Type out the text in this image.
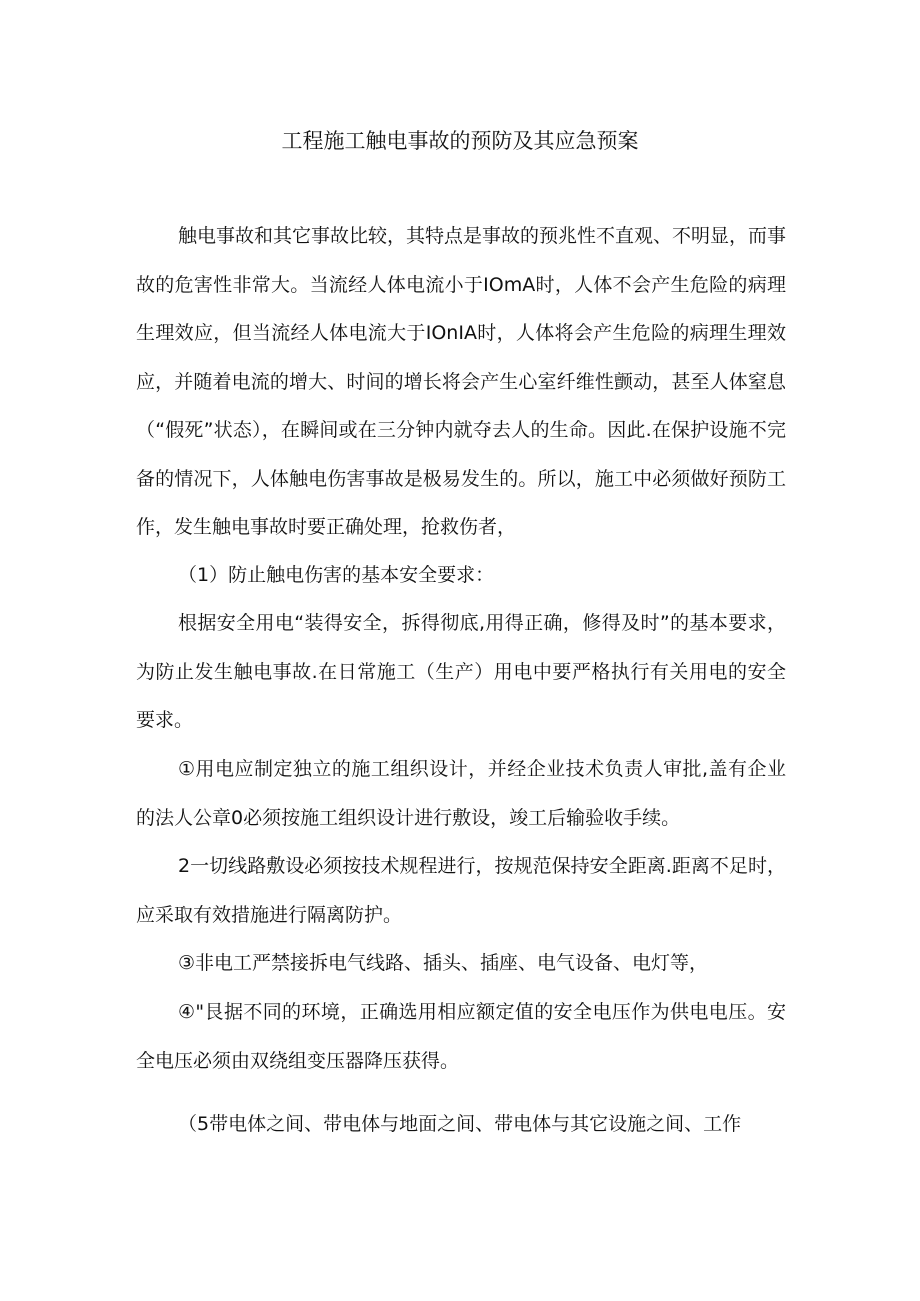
工程施工触电事故的预防及其应急预案

触电事故和其它事故比较，其特点是事故的预兆性不直观、不明显，而事故的危害性非常大。当流经人体电流小于IOmA时，人体不会产生危险的病理生理效应，但当流经人体电流大于IOnIA时，人体将会产生危险的病理生理效应，并随着电流的增大、时间的增长将会产生心室纤维性颤动，甚至人体窒息（“假死”状态），在瞬间或在三分钟内就夺去人的生命。因此.在保护设施不完备的情况下，人体触电伤害事故是极易发生的。所以，施工中必须做好预防工作，发生触电事故时要正确处理，抢救伤者，

（1）防止触电伤害的基本安全要求：

根据安全用电“装得安全，拆得彻底,用得正确，修得及时”的基本要求，为防止发生触电事故.在日常施工（生产）用电中要严格执行有关用电的安全要求。

①用电应制定独立的施工组织设计，并经企业技术负责人审批,盖有企业的法人公章0必须按施工组织设计进行敷设，竣工后输验收手续。

2一切线路敷设必须按技术规程进行，按规范保持安全距离.距离不足时，应采取有效措施进行隔离防护。

③非电工严禁接拆电气线路、插头、插座、电气设备、电灯等，

④"艮据不同的环境，正确选用相应额定值的安全电压作为供电电压。安全电压必须由双绕组变压器降压获得。

（5带电体之间、带电体与地面之间、带电体与其它设施之间、工作
